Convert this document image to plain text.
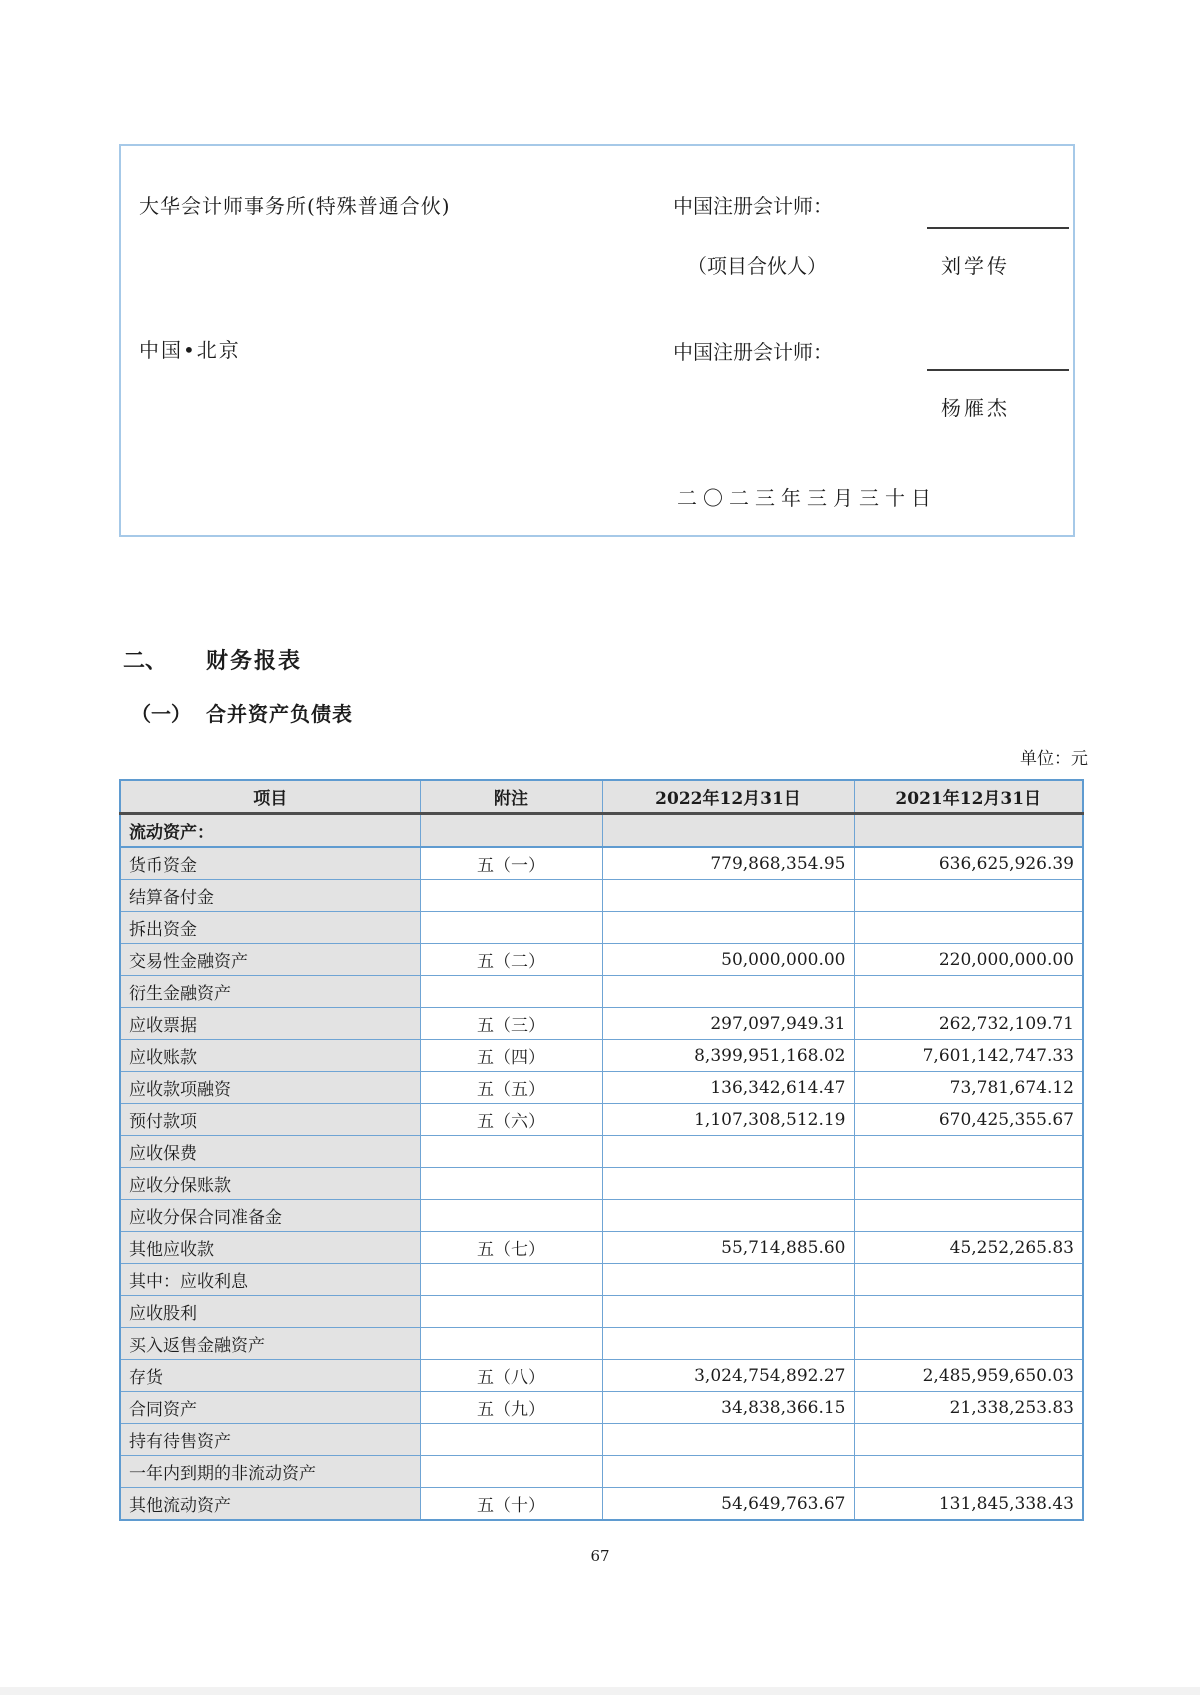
大华会计师事务所(特殊普通合伙)
中国•北京
中国注册会计师：
（项目合伙人）	刘学传
中国注册会计师：
杨雁杰
二〇二三年三月三十日
二、 财务报表
（一） 合并资产负债表
单位：元
项目	附注	2022年12月31日	2021年12月31日
流动资产：			
货币资金	五（一）	779,868,354.95	636,625,926.39
结算备付金			
拆出资金			
交易性金融资产	五（二）	50,000,000.00	220,000,000.00
衍生金融资产			
应收票据	五（三）	297,097,949.31	262,732,109.71
应收账款	五（四）	8,399,951,168.02	7,601,142,747.33
应收款项融资	五（五）	136,342,614.47	73,781,674.12
预付款项	五（六）	1,107,308,512.19	670,425,355.67
应收保费			
应收分保账款			
应收分保合同准备金			
其他应收款	五（七）	55,714,885.60	45,252,265.83
其中：应收利息			
应收股利			
买入返售金融资产			
存货	五（八）	3,024,754,892.27	2,485,959,650.03
合同资产	五（九）	34,838,366.15	21,338,253.83
持有待售资产			
一年内到期的非流动资产			
其他流动资产	五（十）	54,649,763.67	131,845,338.43
67
